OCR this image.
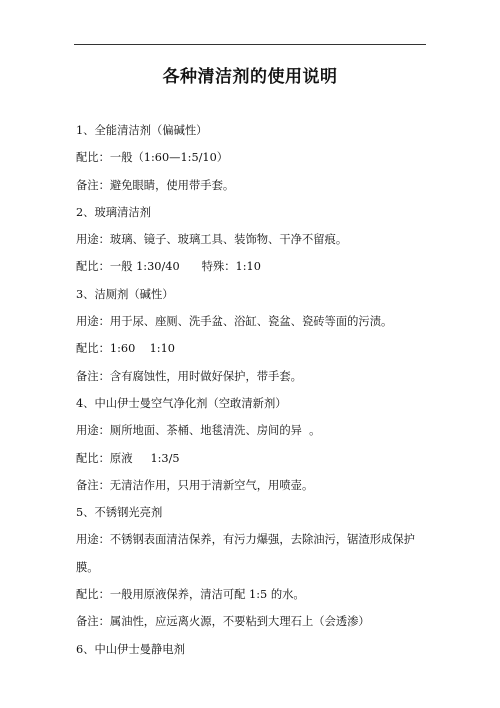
各种清洁剂的使用说明
1、全能清洁剂（偏碱性）
配比：一般（1:60—1:5/10）
备注：避免眼睛，使用带手套。
2、玻璃清洁剂
用途：玻璃、镜子、玻璃工具、装饰物、干净不留痕。
配比：一般 1:30/40 特殊：1:10
3、洁厕剂（碱性）
用途：用于尿、座厕、洗手盆、浴缸、瓷盆、瓷砖等面的污渍。
配比：1:60    1:10
备注：含有腐蚀性，用时做好保护，带手套。
4、中山伊士曼空气净化剂（空敢清新剂）
用途：厕所地面、茶桶、地毯清洗、房间的异  。
配比：原液     1:3/5
备注：无清洁作用，只用于清新空气，用喷壶。
5、不锈钢光亮剂
用途：不锈钢表面清洁保养，有污力爆强，去除油污，锯渣形成保护膜。
配比：一般用原液保养，清洁可配 1:5 的水。
备注：属油性，应远离火源，不要粘到大理石上（会透渗）
6、中山伊士曼静电剂
